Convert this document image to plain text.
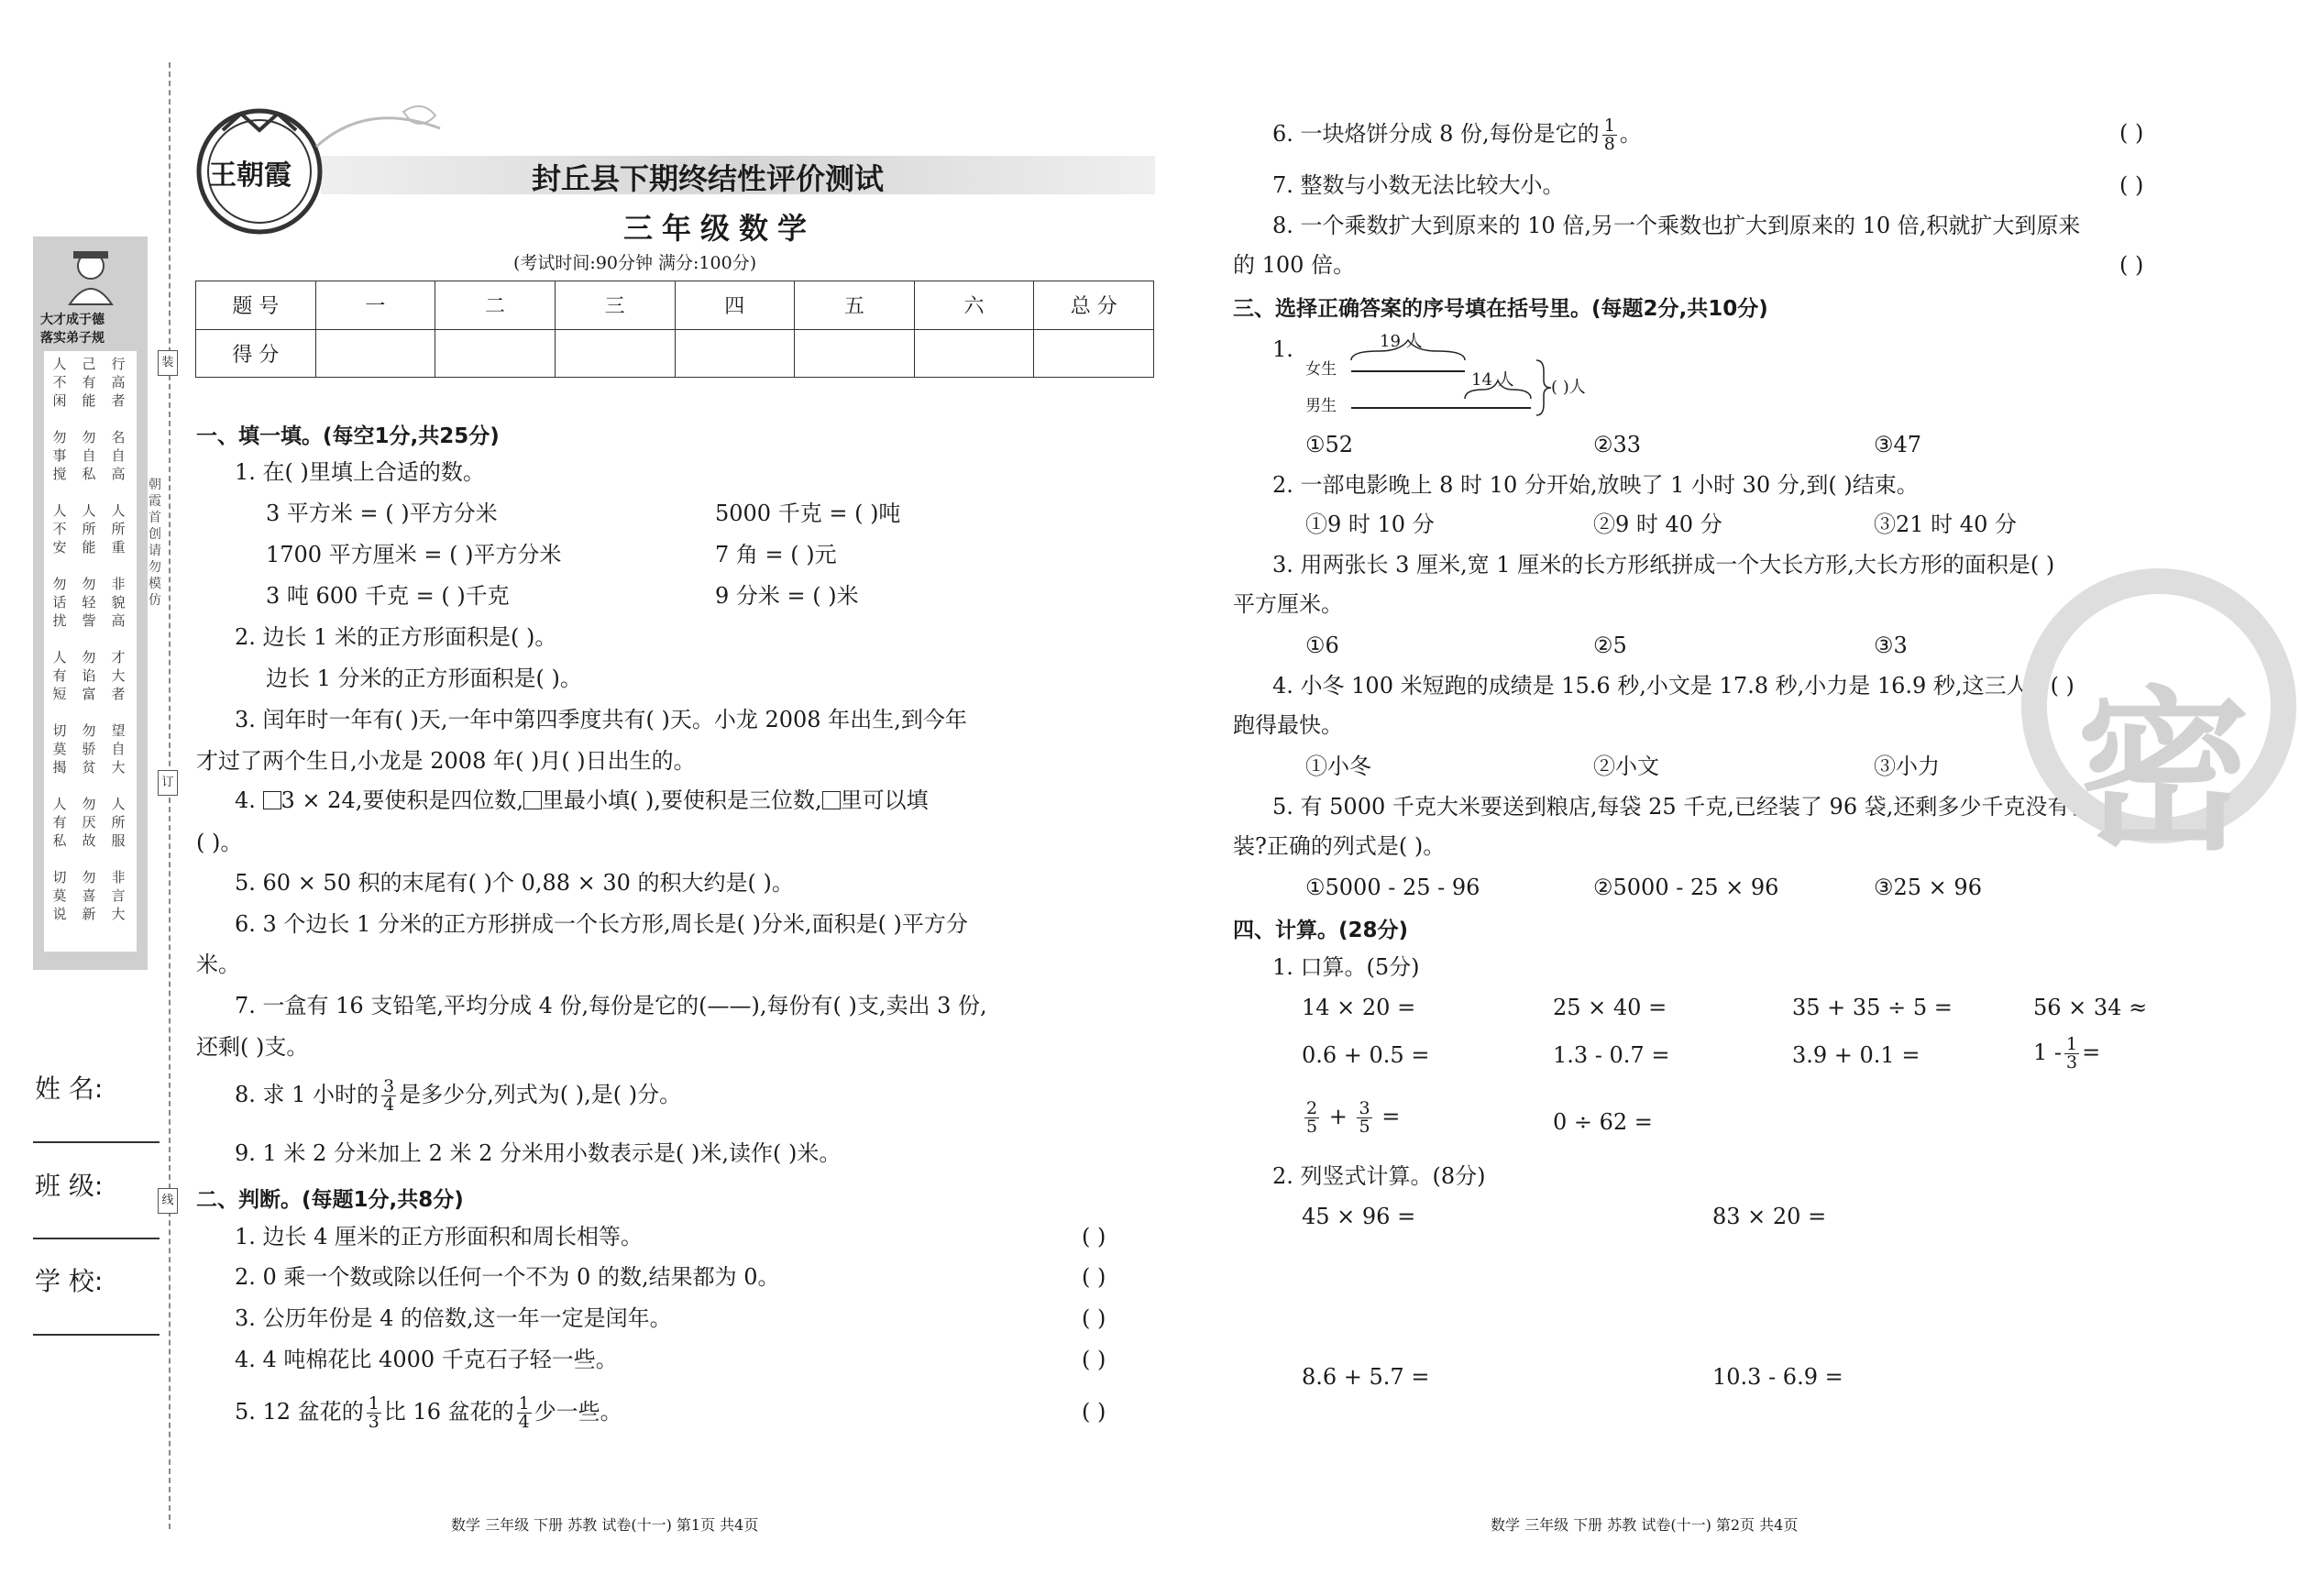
装
订
线
朝霞首创 请勿模仿
大才成于德
落实弟子规
人不闲
己有能
行高者
勿事搅
勿自私
名自高
人不安
人所能
人所重
勿话扰
勿轻訾
非貌高
人有短
勿谄富
才大者
切莫揭
勿骄贫
望自大
人有私
勿厌故
人所服
切莫说
勿喜新
非言大
姓 名:
班 级:
学 校:
王朝霞	封丘县下期终结性评价测试
三年级数学
(考试时间:90分钟 满分:100分)
题 号	一	二	三	四	五	六	总 分
得 分							
一、填一填。(每空1分,共25分)
1. 在( )里填上合适的数。
3 平方米 = ( )平方分米	5000 千克 = ( )吨
1700 平方厘米 = ( )平方分米	7 角 = ( )元
3 吨 600 千克 = ( )千克	9 分米 = ( )米
2. 边长 1 米的正方形面积是( )。
边长 1 分米的正方形面积是( )。
3. 闰年时一年有( )天,一年中第四季度共有( )天。小龙 2008 年出生,到今年
才过了两个生日,小龙是 2008 年( )月( )日出生的。
4. 3 × 24,要使积是四位数, 里最小填( ),要使积是三位数, 里可以填
( )。
5. 60 × 50 积的末尾有( )个 0,88 × 30 的积大约是( )。
6. 3 个边长 1 分米的正方形拼成一个长方形,周长是( )分米,面积是( )平方分
米。
7. 一盒有 16 支铅笔,平均分成 4 份,每份是它的(——),每份有( )支,卖出 3 份,
还剩( )支。
8. 求 1 小时的 $\frac{3}{4}$ 是多少分,列式为( ),是( )分。
9. 1 米 2 分米加上 2 米 2 分米用小数表示是( )米,读作( )米。
二、判断。(每题1分,共8分)
1. 边长 4 厘米的正方形面积和周长相等。	( )
2. 0 乘一个数或除以任何一个不为 0 的数,结果都为 0。	( )
3. 公历年份是 4 的倍数,这一年一定是闰年。	( )
4. 4 吨棉花比 4000 千克石子轻一些。	( )
5. 12 盆花的 $\frac{1}{3}$ 比 16 盆花的 $\frac{1}{4}$ 少一些。	( )
数学 三年级 下册 苏教 试卷(十一) 第1页 共4页
6. 一块烙饼分成 8 份,每份是它的 $\frac{1}{8}$ 。	( )
7. 整数与小数无法比较大小。	( )
8. 一个乘数扩大到原来的 10 倍,另一个乘数也扩大到原来的 10 倍,积就扩大到原来
的 100 倍。	( )
三、选择正确答案的序号填在括号里。(每题2分,共10分)
1.
女生
男生
19 人
14 人 ( )人
①52	②33	③47
2. 一部电影晚上 8 时 10 分开始,放映了 1 小时 30 分,到( )结束。
①9 时 10 分	②9 时 40 分	③21 时 40 分
3. 用两张长 3 厘米,宽 1 厘米的长方形纸拼成一个大长方形,大长方形的面积是( )
平方厘米。
①6	②5	③3
4. 小冬 100 米短跑的成绩是 15.6 秒,小文是 17.8 秒,小力是 16.9 秒,这三人中( )
跑得最快。
①小冬	②小文	③小力
5. 有 5000 千克大米要送到粮店,每袋 25 千克,已经装了 96 袋,还剩多少千克没有包
装?正确的列式是( )。
①5000 - 25 - 96	②5000 - 25 × 96	③25 × 96
四、计算。(28分)
1. 口算。(5分)
14 × 20 =	25 × 40 =	35 + 35 ÷ 5 =	56 × 34 ≈
0.6 + 0.5 =	1.3 - 0.7 =	3.9 + 0.1 =	$1 - \frac{1}{3}$ =
$\frac{2}{5} + \frac{3}{5}$ =	0 ÷ 62 =
2. 列竖式计算。(8分)
45 × 96 =	83 × 20 =
8.6 + 5.7 =	10.3 - 6.9 =
密
数学 三年级 下册 苏教 试卷(十一) 第2页 共4页
